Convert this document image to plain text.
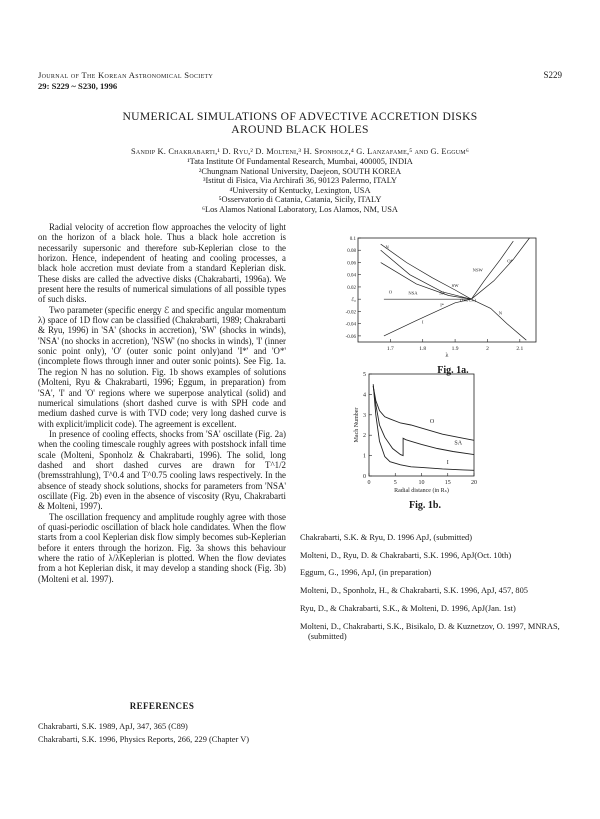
Journal of The Korean Astronomical Society
29: S229 ~ S230, 1996
S229
NUMERICAL SIMULATIONS OF ADVECTIVE ACCRETION DISKS
AROUND BLACK HOLES
Sandip K. Chakrabarti,¹ D. Ryu,² D. Molteni,³ H. Sponholz,⁴ G. Lanzafame,⁵ and G. Eggum⁶
¹Tata Institute Of Fundamental Research, Mumbai, 400005, INDIA
²Chungnam National University, Daejeon, SOUTH KOREA
³Istitut di Fisica, Via Archirafi 36, 90123 Palermo, ITALY
⁴University of Kentucky, Lexington, USA
⁵Osservatorio di Catania, Catania, Sicily, ITALY
⁶Los Alamos National Laboratory, Los Alamos, NM, USA

Radial velocity of accretion flow approaches the velocity of light on the horizon of a black hole. Thus a black hole accretion is necessarily supersonic and therefore sub-Keplerian close to the horizon. Hence, independent of heating and cooling processes, a black hole accretion must deviate from a standard Keplerian disk. These disks are called the advective disks (Chakrabarti, 1996a). We present here the results of numerical simulations of all possible types of such disks.

Two parameter (specific energy ℰ and specific angular momentum λ) space of 1D flow can be classified (Chakrabarti, 1989; Chakrabarti & Ryu, 1996) in 'SA' (shocks in accretion), 'SW' (shocks in winds), 'NSA' (no shocks in accretion), 'NSW' (no shocks in winds), 'I' (inner sonic point only), 'O' (outer sonic point only)and 'I*' and 'O*' (incomplete flows through inner and outer sonic points). See Fig. 1a. The region N has no solution. Fig. 1b shows examples of solutions (Molteni, Ryu & Chakrabarti, 1996; Eggum, in preparation) from 'SA', 'I' and 'O' regions where we superpose analytical (solid) and numerical simulations (short dashed curve is with SPH code and medium dashed curve is with TVD code; very long dashed curve is with explicit/implicit code). The agreement is excellent.

In presence of cooling effects, shocks from 'SA' oscillate (Fig. 2a) when the cooling timescale roughly agrees with postshock infall time scale (Molteni, Sponholz & Chakrabarti, 1996). The solid, long dashed and short dashed curves are drawn for T^1/2 (bremsstrahlung), T^0.4 and T^0.75 cooling laws respectively. In the absence of steady shock solutions, shocks for parameters from 'NSA' oscillate (Fig. 2b) even in the absence of viscosity (Ryu, Chakrabarti & Molteni, 1997).

The oscillation frequency and amplitude roughly agree with those of quasi-periodic oscillation of black hole candidates. When the flow starts from a cool Keplerian disk flow simply becomes sub-Keplerian before it enters through the horizon. Fig. 3a shows this behaviour where the ratio of λ/λKeplerian is plotted. When the flow deviates from a hot Keplerian disk, it may develop a standing shock (Fig. 3b) (Molteni et al. 1997).

REFERENCES
Chakrabarti, S.K. 1989, ApJ, 347, 365 (C89)
Chakrabarti, S.K. 1996, Physics Reports, 266, 229 (Chapter V)
Chakrabarti, S.K. & Ryu, D. 1996 ApJ, (submitted)
Molteni, D., Ryu, D. & Chakrabarti, S.K. 1996, ApJ(Oct. 10th)
Eggum, G., 1996, ApJ, (in preparation)
Molteni, D., Sponholz, H., & Chakrabarti, S.K. 1996, ApJ, 457, 805
Ryu, D., & Chakrabarti, S.K., & Molteni, D. 1996, ApJ(Jan. 1st)
Molteni, D., Chakrabarti, S.K., Bisikalo, D. & Kuznetzov, O. 1997, MNRAS, (submitted)
0.1
0.08
0.06
0.04
0.02
ℰ₀
-0.02
-0.04
-0.06
1.7	1.8	1.9	2	2.1
λ
N
NSW
O*
O	NSA	SA
SW
I*
N
I
(λₘ, ℰₘ)
Fig. 1a.
0
1
2
3
4
5
0	5	10	15	20
Radial distance (in Rₛ)
Mach Number	O
SA
I
Fig. 1b.
